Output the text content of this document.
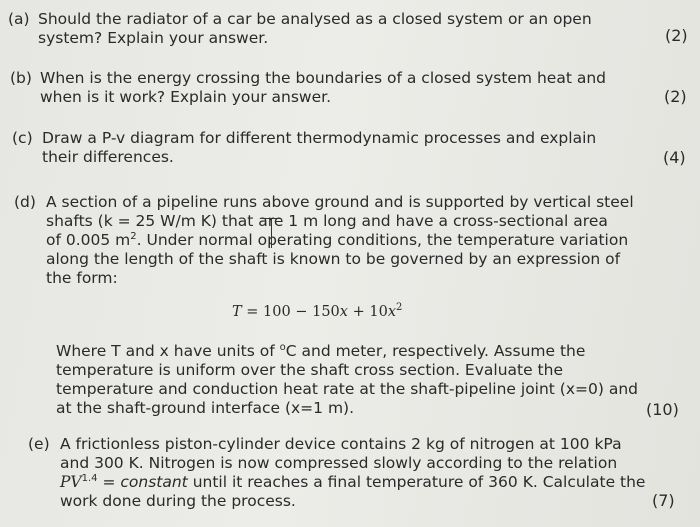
(a) Should the radiator of a car be analysed as a closed system or an open
system? Explain your answer.	(2)
(b) When is the energy crossing the boundaries of a closed system heat and
when is it work? Explain your answer.	(2)
(c) Draw a P-v diagram for different thermodynamic processes and explain
their differences.	(4)
(d) A section of a pipeline runs above ground and is supported by vertical steel
shafts (k = 25 W/m K) that are 1 m long and have a cross-sectional area
of 0.005 $m^2$. Under normal operating conditions, the temperature variation
along the length of the shaft is known to be governed by an expression of
the form:
$T = 100 - 150x + 10x^2$
Where T and x have units of $^o$C and meter, respectively. Assume the
temperature is uniform over the shaft cross section. Evaluate the
temperature and conduction heat rate at the shaft-pipeline joint (x=0) and
at the shaft-ground interface (x=1 m).	(10)
(e) A frictionless piston-cylinder device contains 2 kg of nitrogen at 100 kPa
and 300 K. Nitrogen is now compressed slowly according to the relation
$PV^{1.4}$ = constant until it reaches a final temperature of 360 K. Calculate the
work done during the process.	(7)
